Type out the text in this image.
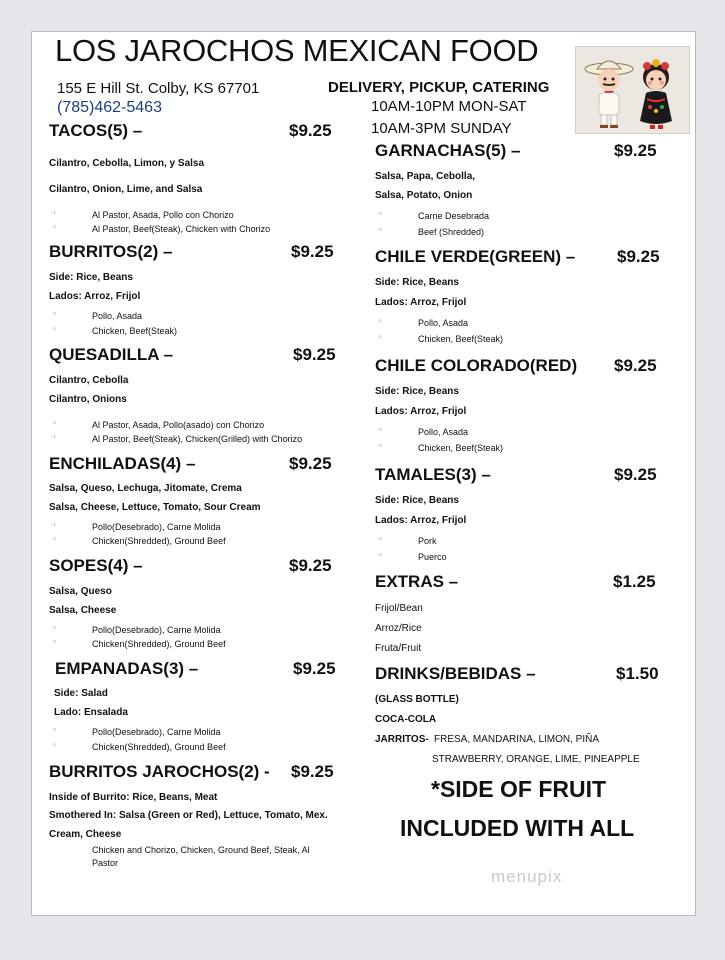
LOS JAROCHOS MEXICAN FOOD
155 E Hill St. Colby, KS 67701
(785)462-5463
DELIVERY, PICKUP, CATERING
10AM-10PM MON-SAT
10AM-3PM SUNDAY
TACOS(5) –	$9.25
Cilantro, Cebolla, Limon, y Salsa
Cilantro, Onion, Lime, and Salsa
◦	Al Pastor, Asada, Pollo con Chorizo
◦	Al Pastor, Beef(Steak), Chicken with Chorizo
BURRITOS(2) –	$9.25
Side: Rice, Beans
Lados: Arroz, Frijol
◦	Pollo, Asada
◦	Chicken, Beef(Steak)
QUESADILLA –	$9.25
Cilantro, Cebolla
Cilantro, Onions
◦	Al Pastor, Asada, Pollo(asado) con Chorizo
◦	Al Pastor, Beef(Steak), Chicken(Grilled) with Chorizo
ENCHILADAS(4) –	$9.25
Salsa, Queso, Lechuga, Jitomate, Crema
Salsa, Cheese, Lettuce, Tomato, Sour Cream
◦	Pollo(Desebrado), Carne Molida
◦	Chicken(Shredded), Ground Beef
SOPES(4) –	$9.25
Salsa, Queso
Salsa, Cheese
◦	Pollo(Desebrado), Carne Molida
◦	Chicken(Shredded), Ground Beef
EMPANADAS(3) –	$9.25
Side: Salad
Lado: Ensalada
◦	Pollo(Desebrado), Carne Molida
◦	Chicken(Shredded), Ground Beef
BURRITOS JAROCHOS(2) - $9.25
Inside of Burrito: Rice, Beans, Meat
Smothered In: Salsa (Green or Red), Lettuce, Tomato, Mex. Cream, Cheese
Chicken and Chorizo, Chicken, Ground Beef, Steak, Al Pastor
GARNACHAS(5) –	$9.25
Salsa, Papa, Cebolla,
Salsa, Potato, Onion
◦	Carne Desebrada
◦	Beef (Shredded)
CHILE VERDE(GREEN) – $9.25
Side: Rice, Beans
Lados: Arroz, Frijol
◦	Pollo, Asada
◦	Chicken, Beef(Steak)
CHILE COLORADO(RED) $9.25
Side: Rice, Beans
Lados: Arroz, Frijol
◦	Pollo, Asada
◦	Chicken, Beef(Steak)
TAMALES(3) –	$9.25
Side: Rice, Beans
Lados: Arroz, Frijol
◦	Pork
◦	Puerco
EXTRAS –	$1.25
Frijol/Bean
Arroz/Rice
Fruta/Fruit
DRINKS/BEBIDAS –	$1.50
(GLASS BOTTLE)
COCA-COLA
JARRITOS- FRESA, MANDARINA, LIMON, PIÑA
STRAWBERRY, ORANGE, LIME, PINEAPPLE
*SIDE OF FRUIT
INCLUDED WITH ALL
menupix
